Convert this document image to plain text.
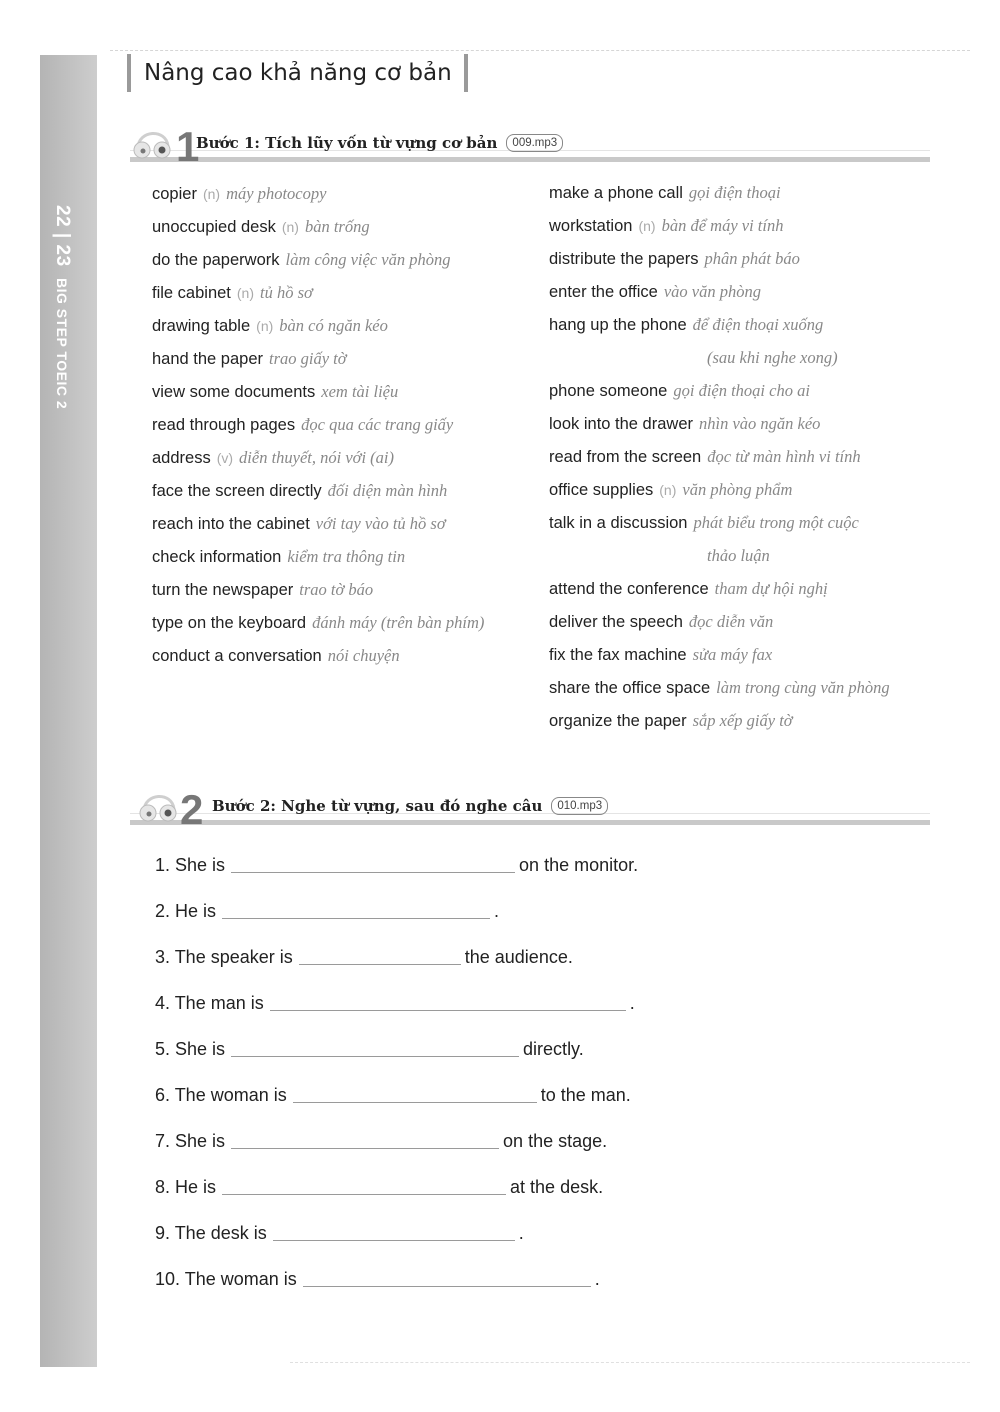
22 | 23 BIG STEP TOEIC 2
Nâng cao khả năng cơ bản
1
Bước 1: Tích lũy vốn từ vựng cơ bản 009.mp3
copier (n) máy photocopy
unoccupied desk (n) bàn trống
do the paperwork làm công việc văn phòng
file cabinet (n) tủ hồ sơ
drawing table (n) bàn có ngăn kéo
hand the paper trao giấy tờ
view some documents xem tài liệu
read through pages đọc qua các trang giấy
address (v) diễn thuyết, nói với (ai)
face the screen directly đối diện màn hình
reach into the cabinet với tay vào tủ hồ sơ
check information kiểm tra thông tin
turn the newspaper trao tờ báo
type on the keyboard đánh máy (trên bàn phím)
conduct a conversation nói chuyện
make a phone call gọi điện thoại
workstation (n) bàn để máy vi tính
distribute the papers phân phát báo
enter the office vào văn phòng
hang up the phone để điện thoại xuống
(sau khi nghe xong)
phone someone gọi điện thoại cho ai
look into the drawer nhìn vào ngăn kéo
read from the screen đọc từ màn hình vi tính
office supplies (n) văn phòng phẩm
talk in a discussion phát biểu trong một cuộc
thảo luận
attend the conference tham dự hội nghị
deliver the speech đọc diễn văn
fix the fax machine sửa máy fax
share the office space làm trong cùng văn phòng
organize the paper sắp xếp giấy tờ
2 Bước 2: Nghe từ vựng, sau đó nghe câu 010.mp3
1. She is	on the monitor.
2. He is	.
3. The speaker is	the audience.
4. The man is	.
5. She is	directly.
6. The woman is	to the man.
7. She is	on the stage.
8. He is	at the desk.
9. The desk is	.
10. The woman is	.
